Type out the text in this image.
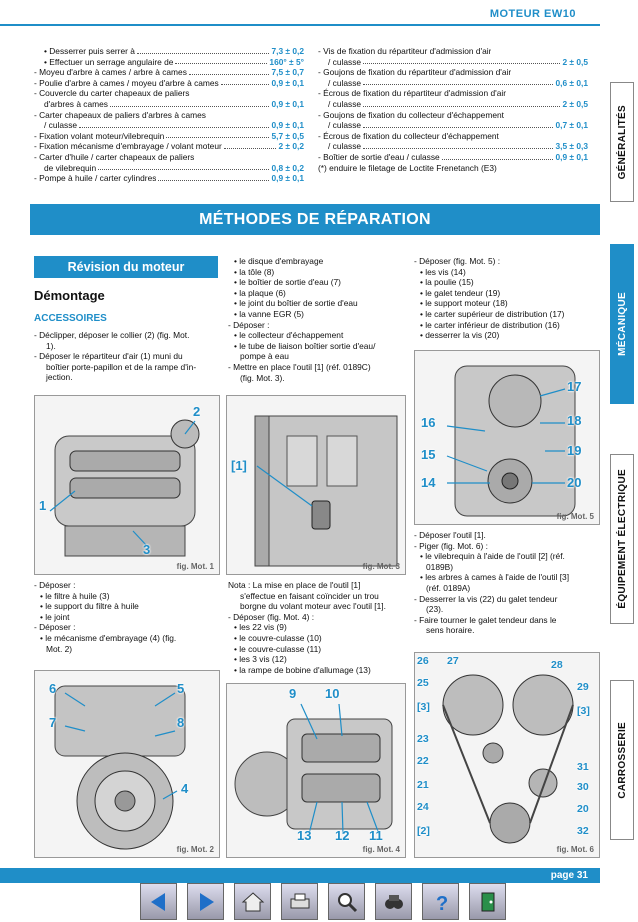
MOTEUR EW10
• Desserrer puis serrer à	7,3 ± 0,2
• Effectuer un serrage angulaire de	160° ± 5°
- Moyeu d'arbre à cames / arbre à cames	7,5 ± 0,7
- Poulie d'arbre à cames / moyeu d'arbre à cames	0,9 ± 0,1
- Couvercle du carter chapeaux de paliers
d'arbres à cames	0,9 ± 0,1
- Carter chapeaux de paliers d'arbres à cames
/ culasse	0,9 ± 0,1
- Fixation volant moteur/vilebrequin	5,7 ± 0,5
- Fixation mécanisme d'embrayage / volant moteur	2 ± 0,2
- Carter d'huile / carter chapeaux de paliers
de vilebrequin	0,8 ± 0,2
- Pompe à huile / carter cylindres	0,9 ± 0,1
- Vis de fixation du répartiteur d'admission d'air
/ culasse	2 ± 0,5
- Goujons de fixation du répartiteur d'admission d'air
/ culasse	0,6 ± 0,1
- Écrous de fixation du répartiteur d'admission d'air
/ culasse	2 ± 0,5
- Goujons de fixation du collecteur d'échappement
/ culasse	0,7 ± 0,1
- Écrous de fixation du collecteur d'échappement
/ culasse	3,5 ± 0,3
- Boîtier de sortie d'eau / culasse	0,9 ± 0,1
(*) enduire le filetage de Loctite Frenetanch (E3)
MÉTHODES DE RÉPARATION
GÉNÉRALITÉS
MÉCANIQUE
ÉQUIPEMENT ÉLECTRIQUE
CARROSSERIE
Révision du moteur
Démontage
ACCESSOIRES

- Déclipper, déposer le collier (2) (fig. Mot.

1).

- Déposer le répartiteur d'air (1) muni du

boîtier porte-papillon et de la rampe d'in-

jection.

- Déposer :

• le filtre à huile (3)

• le support du filtre à huile

• le joint

- Déposer :

• le mécanisme d'embrayage (4) (fig.

Mot. 2)

• le disque d'embrayage

• la tôle (8)

• le boîtier de sortie d'eau (7)

• la plaque (6)

• le joint du boîtier de sortie d'eau

• la vanne EGR (5)

- Déposer :

• le collecteur d'échappement

• le tube de liaison boîtier sortie d'eau/

pompe à eau

- Mettre en place l'outil [1] (réf. 0189C)

(fig. Mot. 3).

Nota : La mise en place de l'outil [1]

s'effectue en faisant coïncider un trou

borgne du volant moteur avec l'outil [1].

- Déposer (fig. Mot. 4) :

• les 22 vis (9)

• le couvre-culasse (10)

• le couvre-culasse (11)

• les 3 vis (12)

• la rampe de bobine d'allumage (13)

- Déposer (fig. Mot. 5) :

• les vis (14)

• la poulie (15)

• le galet tendeur (19)

• le support moteur (18)

• le carter supérieur de distribution (17)

• le carter inférieur de distribution (16)

• desserrer la vis (20)

- Déposer l'outil [1].

- Piger (fig. Mot. 6) :

• le vilebrequin à l'aide de l'outil [2] (réf.

0189B)

• les arbres à cames à l'aide de l'outil [3]

(réf. 0189A)

- Desserrer la vis (22) du galet tendeur

(23).

- Faire tourner le galet tendeur dans le

sens horaire.

2
1
3
fig. Mot. 1
6	5
7	8
4
fig. Mot. 2
[1]
fig. Mot. 3
9 10
13 12 11
fig. Mot. 4
17
16	18
15	19
14	20
fig. Mot. 5
26 27	28
25	29
[3]	[3]
23
22	31
21	30
24	20
[2]	32
fig. Mot. 6
page 31
?
